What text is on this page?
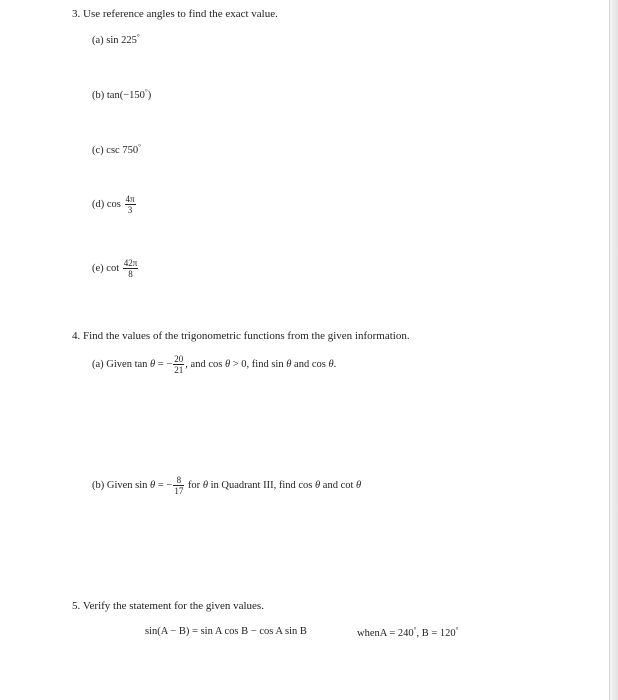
3. Use reference angles to find the exact value.
(a) sin 225°
(b) tan(−150°)
(c) csc 750°
(d) $\cos \frac{4\pi}{3}$
(e) $\cot \frac{42\pi}{8}$
4. Find the values of the trigonometric functions from the given information.
(a) Given tan θ = − $\frac{20}{21}$ , and cos θ > 0, find sin θ and cos θ.
(b) Given sin θ = − $\frac{8}{17}$ for θ in Quadrant III, find cos θ and cot θ
5. Verify the statement for the given values.
sin(A − B) = sin A cos B − cos A sin B	whenA = 240°, B = 120°
